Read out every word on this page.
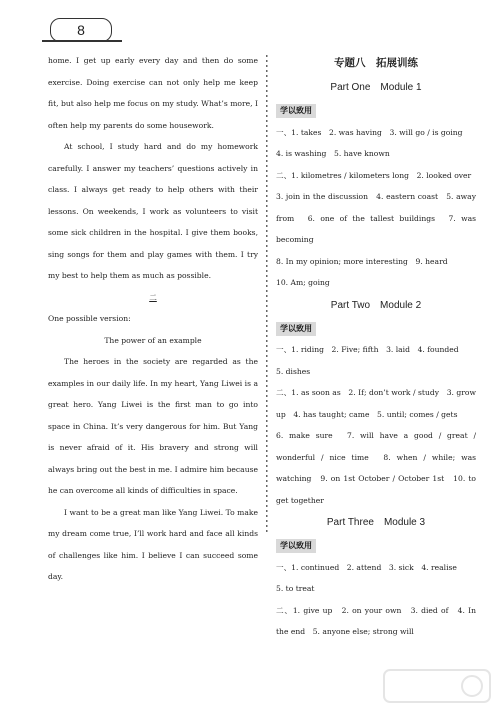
8

home. I get up early every day and then do some exercise. Doing exercise can not only help me keep fit, but also help me focus on my study. What’s more, I often help my parents do some housework.

At school, I study hard and do my homework carefully. I answer my teachers’ questions actively in class. I always get ready to help others with their lessons. On weekends, I work as volunteers to visit some sick children in the hospital. I give them books, sing songs for them and play games with them. I try my best to help them as much as possible.

二

One possible version:

The power of an example

The heroes in the society are regarded as the examples in our daily life. In my heart, Yang Liwei is a great hero. Yang Liwei is the first man to go into space in China. It’s very dangerous for him. But Yang is never afraid of it. His bravery and strong will always bring out the best in me. I admire him because he can overcome all kinds of difficulties in space.

I want to be a great man like Yang Liwei. To make my dream come true, I’ll work hard and face all kinds of challenges like him. I believe I can succeed some day.

专题八　拓展训练
Part One　Module 1
学以致用

一、1. takes　2. was having　3. will go / is going

4. is washing　5. have known

二、1. kilometres / kilometers long　2. looked over

3. join in the discussion　4. eastern coast　5. away from　6. one of the tallest buildings　7. was becoming

8. In my opinion; more interesting　9. heard

10. Am; going

Part Two　Module 2
学以致用

一、1. riding　2. Five; fifth　3. laid　4. founded

5. dishes

二、1. as soon as　2. If; don’t work / study　3. grow up　4. has taught; came　5. until; comes / gets

6. make sure　7. will have a good / great / wonderful / nice time　8. when / while; was watching　9. on 1st October / October 1st　10. to get together

Part Three　Module 3
学以致用

一、1. continued　2. attend　3. sick　4. realise

5. to treat

二、1. give up　2. on your own　3. died of　4. In the end　5. anyone else; strong will
